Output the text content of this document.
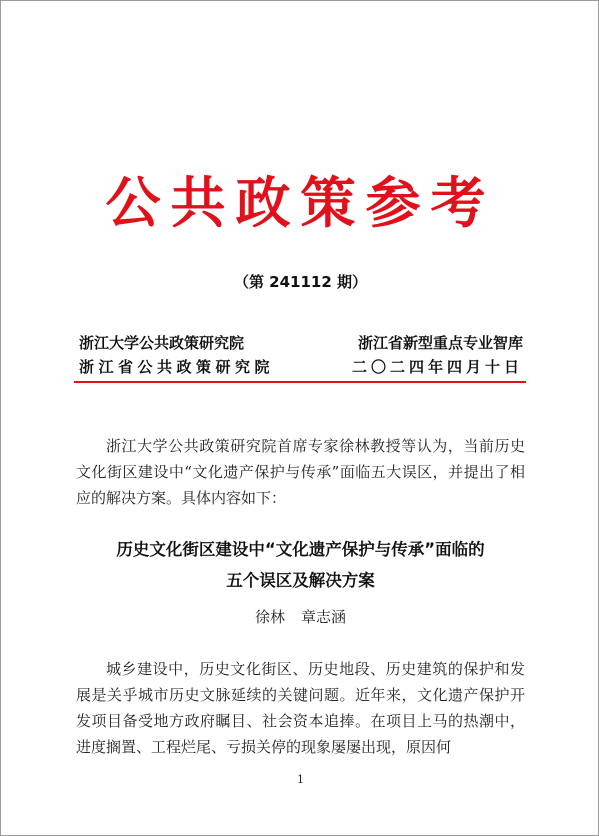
公共政策参考
（第 241112 期）
浙江大学公共政策研究院	浙江省新型重点专业智库
浙江省公共政策研究院	二〇二四年四月十日
浙江大学公共政策研究院首席专家徐林教授等认为，当前历史文化街区建设中“文化遗产保护与传承”面临五大误区，并提出了相应的解决方案。具体内容如下：
历史文化街区建设中“文化遗产保护与传承”面临的
五个误区及解决方案
徐林 章志涵
城乡建设中，历史文化街区、历史地段、历史建筑的保护和发展是关乎城市历史文脉延续的关键问题。近年来，文化遗产保护开发项目备受地方政府瞩目、社会资本追捧。在项目上马的热潮中，进度搁置、工程烂尾、亏损关停的现象屡屡出现，原因何
1
